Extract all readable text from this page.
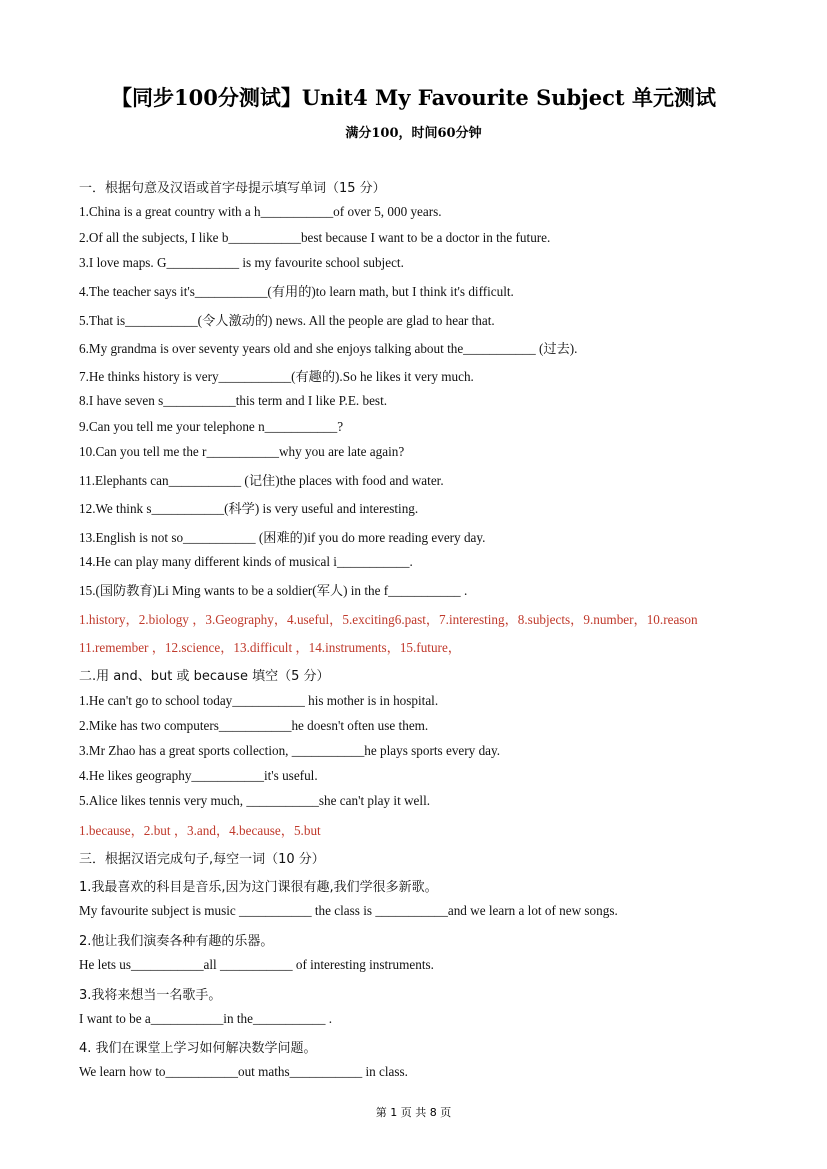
【同步100分测试】Unit4 My Favourite Subject 单元测试
满分100，时间60分钟
一．根据句意及汉语或首字母提示填写单词（15 分）
1.China is a great country with a h___________of over 5, 000 years.
2.Of all the subjects, I like b___________best because I want to be a doctor in the future.
3.I love maps. G___________ is my favourite school subject.
4.The teacher says it's___________(有用的)to learn math, but I think it's difficult.
5.That is___________(令人激动的) news. All the people are glad to hear that.
6.My grandma is over seventy years old and she enjoys talking about the___________ (过去).
7.He thinks history is very___________(有趣的).So he likes it very much.
8.I have seven s___________this term and I like P.E. best.
9.Can you tell me your telephone n___________?
10.Can you tell me the r___________why you are late again?
11.Elephants can___________ (记住)the places with food and water.
12.We think s___________(科学) is very useful and interesting.
13.English is not so___________ (困难的)if you do more reading every day.
14.He can play many different kinds of musical i___________.
15.(国防教育)Li Ming wants to be a soldier(军人) in the f___________ .
1.history，2.biology ，3.Geography，4.useful，5.exciting6.past，7.interesting，8.subjects，9.number，10.reason
11.remember ，12.science，13.difficult ，14.instruments，15.future，
二.用 and、but 或 because 填空（5 分）
1.He can't go to school today___________ his mother is in hospital.
2.Mike has two computers___________he doesn't often use them.
3.Mr Zhao has a great sports collection, ___________he plays sports every day.
4.He likes geography___________it's useful.
5.Alice likes tennis very much, ___________she can't play it well.
1.because，2.but ，3.and，4.because，5.but
三．根据汉语完成句子,每空一词（10 分）
1.我最喜欢的科目是音乐,因为这门课很有趣,我们学很多新歌。
My favourite subject is music ___________ the class is ___________and we learn a lot of new songs.
2.他让我们演奏各种有趣的乐器。
He lets us___________all ___________ of interesting instruments.
3.我将来想当一名歌手。
I want to be a___________in the___________ .
4. 我们在课堂上学习如何解决数学问题。
We learn how to___________out maths___________ in class.
第 1 页 共 8 页
